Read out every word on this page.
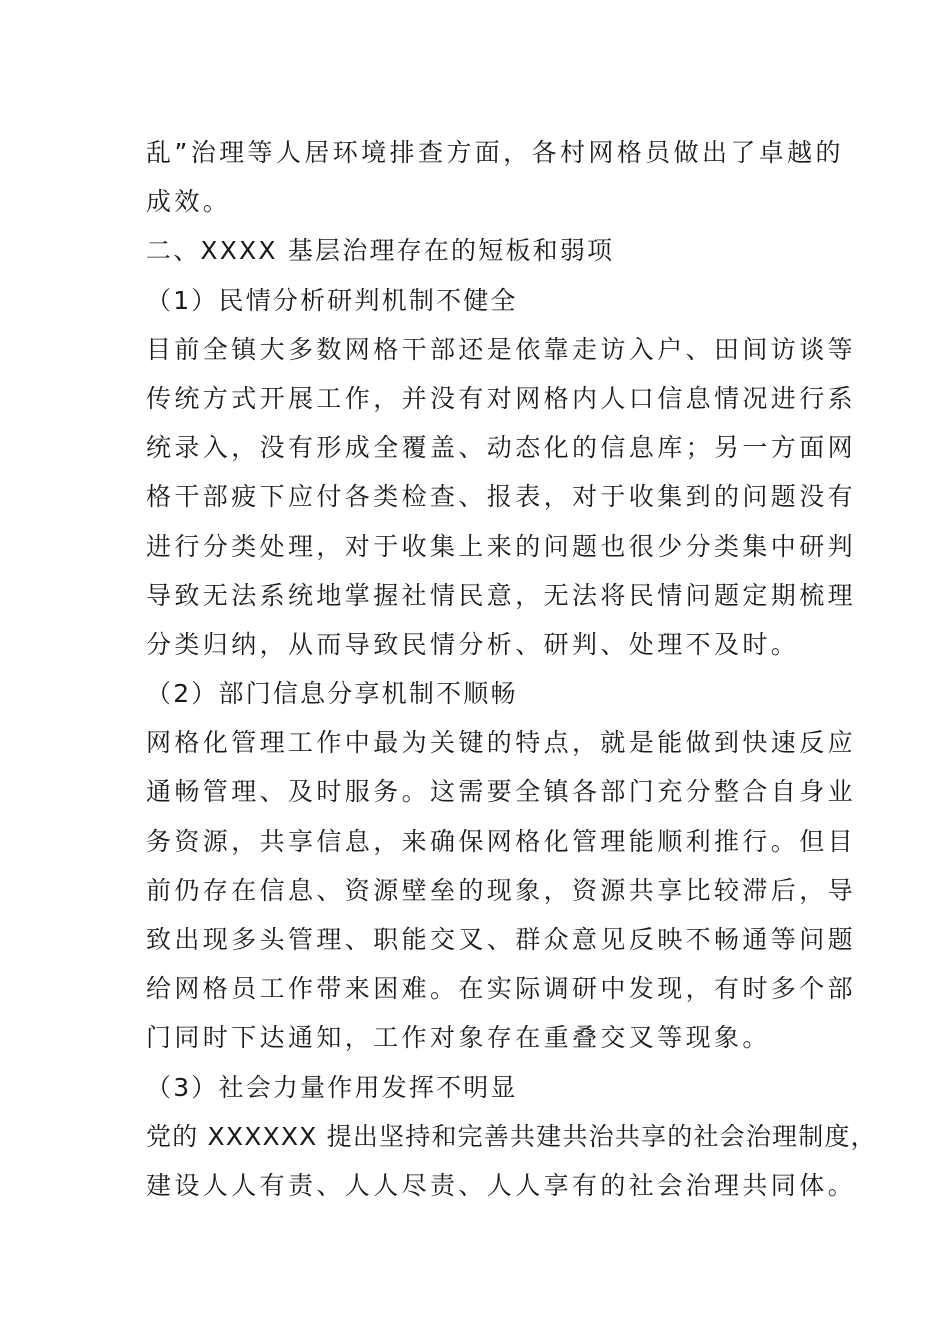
乱”治理等人居环境排查方面，各村网格员做出了卓越的
成效。
二、XXXX 基层治理存在的短板和弱项
（1）民情分析研判机制不健全
目前全镇大多数网格干部还是依靠走访入户、田间访谈等
传统方式开展工作，并没有对网格内人口信息情况进行系
统录入，没有形成全覆盖、动态化的信息库；另一方面网
格干部疲下应付各类检查、报表，对于收集到的问题没有
进行分类处理，对于收集上来的问题也很少分类集中研判
导致无法系统地掌握社情民意，无法将民情问题定期梳理
分类归纳，从而导致民情分析、研判、处理不及时。
（2）部门信息分享机制不顺畅
网格化管理工作中最为关键的特点，就是能做到快速反应
通畅管理、及时服务。这需要全镇各部门充分整合自身业
务资源，共享信息，来确保网格化管理能顺利推行。但目
前仍存在信息、资源壁垒的现象，资源共享比较滞后，导
致出现多头管理、职能交叉、群众意见反映不畅通等问题
给网格员工作带来困难。在实际调研中发现，有时多个部
门同时下达通知，工作对象存在重叠交叉等现象。
（3）社会力量作用发挥不明显
党的 XXXXXX 提出坚持和完善共建共治共享的社会治理制度，
建设人人有责、人人尽责、人人享有的社会治理共同体。
